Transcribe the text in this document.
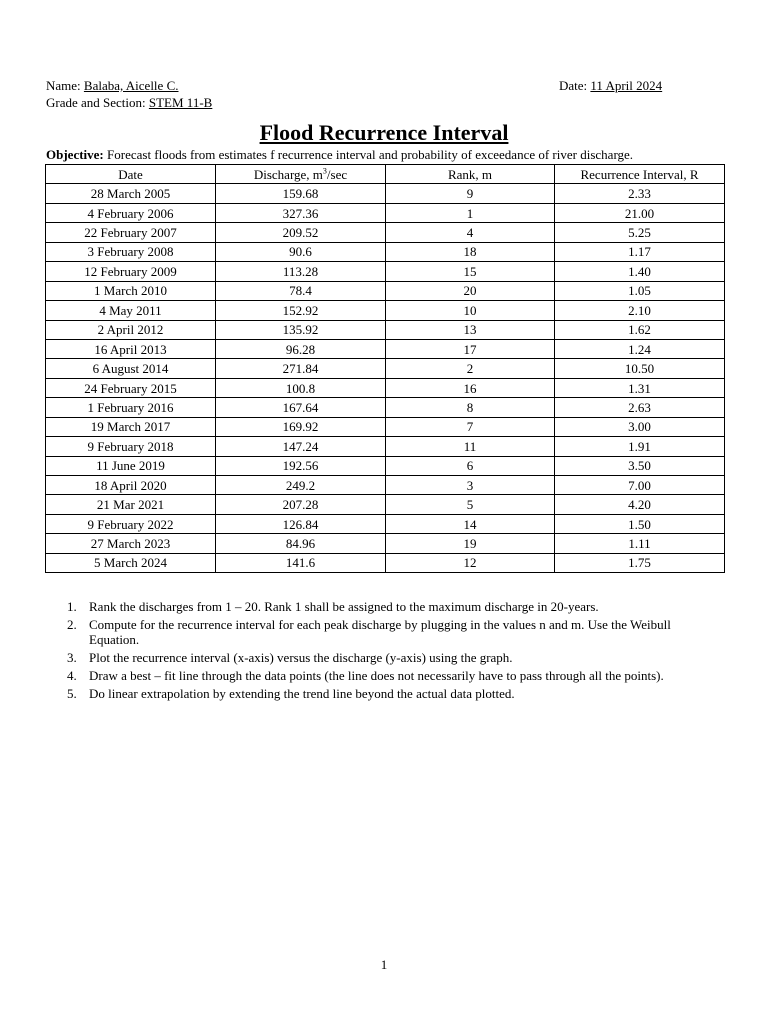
Name: Balaba, Aicelle C.	Date: 11 April 2024
Grade and Section: STEM 11-B
Flood Recurrence Interval
Objective: Forecast floods from estimates f recurrence interval and probability of exceedance of river discharge.
Date	Discharge, $m^3/\sec$	Rank, m	Recurrence Interval, R
28 March 2005	159.68	9	2.33
4 February 2006	327.36	1	21.00
22 February 2007	209.52	4	5.25
3 February 2008	90.6	18	1.17
12 February 2009	113.28	15	1.40
1 March 2010	78.4	20	1.05
4 May 2011	152.92	10	2.10
2 April 2012	135.92	13	1.62
16 April 2013	96.28	17	1.24
6 August 2014	271.84	2	10.50
24 February 2015	100.8	16	1.31
1 February 2016	167.64	8	2.63
19 March 2017	169.92	7	3.00
9 February 2018	147.24	11	1.91
11 June 2019	192.56	6	3.50
18 April 2020	249.2	3	7.00
21 Mar 2021	207.28	5	4.20
9 February 2022	126.84	14	1.50
27 March 2023	84.96	19	1.11
5 March 2024	141.6	12	1.75
1. Rank the discharges from 1 – 20. Rank 1 shall be assigned to the maximum discharge in 20-years.
2. Compute for the recurrence interval for each peak discharge by plugging in the values n and m. Use the Weibull Equation.
3. Plot the recurrence interval (x-axis) versus the discharge (y-axis) using the graph.
4. Draw a best – fit line through the data points (the line does not necessarily have to pass through all the points).
5. Do linear extrapolation by extending the trend line beyond the actual data plotted.
1
